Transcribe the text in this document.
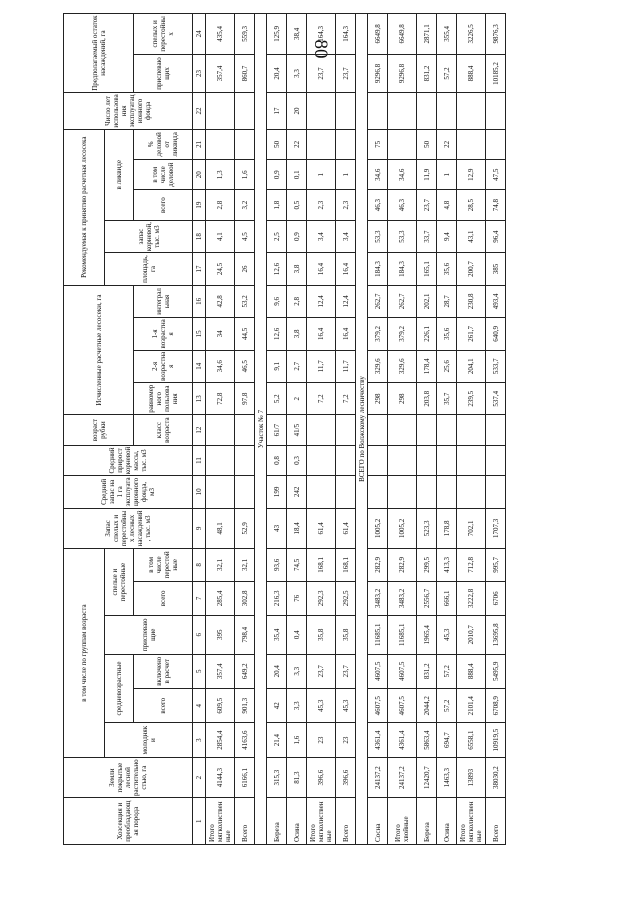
80
Хозсекция и преобладающая порода	Земли покрытые лесной растительностью, га	в том числе по группам возраста						Запас спелых и перестойных лесных насаждений, тыс. м3	Средний запас на 1 га эксплуатационного фонда, м3	Средний прирост корневой массы, тыс. м3	возраст рубки	Исчисленные расчетные лесосеки, га				Рекомендуемая к принятию расчетная лесосека					Число лет использования эксплуатационного фонда	Предполагаемый остаток насаждений, га	
		молодняки	средневозрастные		приспевающие	спелые и перестойные										площадь, га	запас корневой, тыс. м3	в ликвиде					
			всего	включено в расчет		всего	в том числе перестойные				класс возраста	равномерного пользования	2-я возрастная	1-я возрастная	интегральная			всего	в том числе деловой	% деловой от ликвида			
																						приспевающих	спелых и перестойных
1	2	3	4	5	6	7	8	9	10	11	12	13	14	15	16	17	18	19	20	21	22	23	24
Итого мягколиственные	4144,3	2854,4	609,5	357,4	395	285,4	32,1	48,1				72,8	34,6	34	42,8	24,5	4,1	2,8	1,3			357,4	435,4
Всего	6166,1	4163,6	901,3	649,2	798,4	302,8	32,1	52,9				97,8	46,5	44,5	53,2	26	4,5	3,2	1,6			860,7	559,3
Участок № 7																							
Береза	315,3	21,4	42	20,4	35,4	216,3	93,6	43	199	0,8	61/7	5,2	9,1	12,6	9,6	12,6	2,5	1,8	0,9	50	17	20,4	125,9
Осина	81,3	1,6	3,3	3,3	0,4	76	74,5	18,4	242	0,3	41/5	2	2,7	3,8	2,8	3,8	0,9	0,5	0,1	22	20	3,3	38,4
Итого мягколиственные	396,6	23	45,3	23,7	35,8	292,3	168,1	61,4				7,2	11,7	16,4	12,4	16,4	3,4	2,3	1			23,7	164,3
Всего	396,6	23	45,3	23,7	35,8	292,5	168,1	61,4				7,2	11,7	16,4	12,4	16,4	3,4	2,3	1			23,7	164,3
ВСЕГО по Волжскому лесничеству																							
Сосна	24137,2	4361,4	4607,5	4607,5	11685,1	3483,2	282,9	1005,2				298	329,6	379,2	262,7	184,3	53,3	46,3	34,6	75		9296,8	6649,8
Итого хвойные	24137,2	4361,4	4607,5	4607,5	11685,1	3483,2	282,9	1005,2				298	329,6	379,2	262,7	184,3	53,3	46,3	34,6			9296,8	6649,8
Береза	12420,7	5863,4	2044,2	831,2	1965,4	2556,7	299,5	523,3				203,8	178,4	226,1	202,1	165,1	33,7	23,7	11,9	50		831,2	2871,1
Осина	1463,3	694,7	57,2	57,2	45,3	666,1	413,3	178,8				35,7	25,6	35,6	28,7	35,6	9,4	4,8	1	22		57,2	355,4
Итого мягколиственные	13893	6558,1	2101,4	888,4	2010,7	3222,8	712,8	702,1				239,5	204,1	261,7	230,8	200,7	43,1	28,5	12,9			888,4	3226,5
Всего	38030,2	10919,5	6708,9	5495,9	13695,8	6706	995,7	1707,3				537,4	533,7	640,9	493,4	385	96,4	74,8	47,5			10185,2	9876,3
